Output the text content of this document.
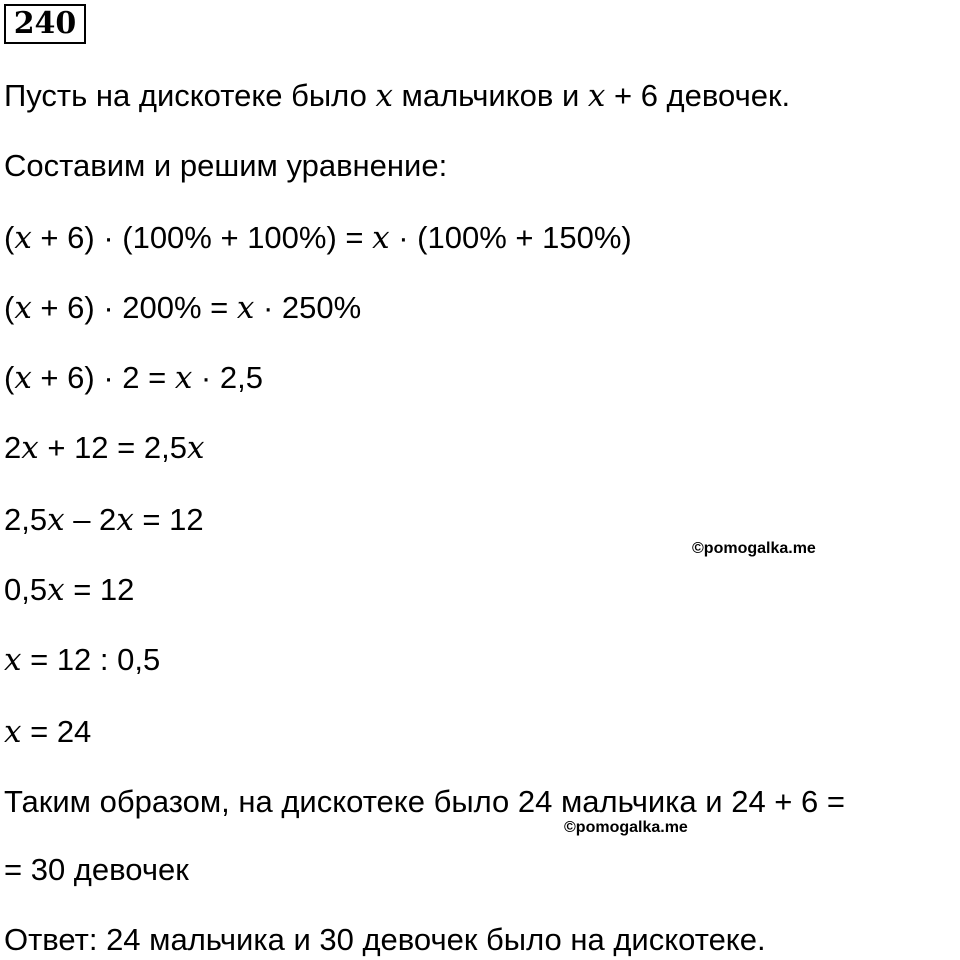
240
Пусть на дискотеке было x мальчиков и x + 6 девочек.
Составим и решим уравнение:
(x + 6) · (100% + 100%) = x · (100% + 150%)
(x + 6) · 200% = x · 250%
(x + 6) · 2 = x · 2,5
2x + 12 = 2,5x
2,5x – 2x = 12
©pomogalka.me
0,5x = 12
x = 12 : 0,5
x = 24
Таким образом, на дискотеке было 24 мальчика и 24 + 6 =
©pomogalka.me
= 30 девочек
Ответ: 24 мальчика и 30 девочек было на дискотеке.
